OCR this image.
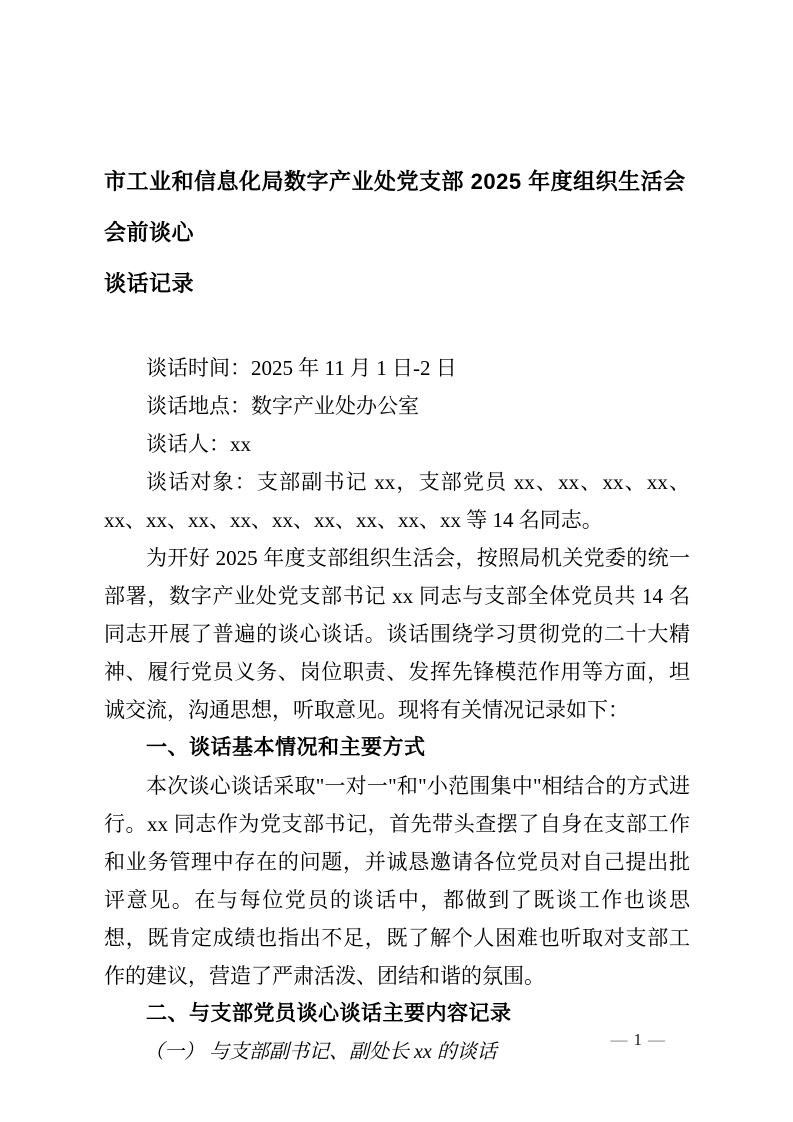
市工业和信息化局数字产业处党支部 2025 年度组织生活会会前谈心
谈话记录

谈话时间：2025 年 11 月 1 日-2 日

谈话地点：数字产业处办公室

谈话人：xx

谈话对象：支部副书记 xx，支部党员 xx、xx、xx、xx、xx、xx、xx、xx、xx、xx、xx、xx、xx 等 14 名同志。

为开好 2025 年度支部组织生活会，按照局机关党委的统一部署，数字产业处党支部书记 xx 同志与支部全体党员共 14 名同志开展了普遍的谈心谈话。谈话围绕学习贯彻党的二十大精神、履行党员义务、岗位职责、发挥先锋模范作用等方面，坦诚交流，沟通思想，听取意见。现将有关情况记录如下：

一、谈话基本情况和主要方式

本次谈心谈话采取"一对一"和"小范围集中"相结合的方式进行。xx 同志作为党支部书记，首先带头查摆了自身在支部工作和业务管理中存在的问题，并诚恳邀请各位党员对自己提出批评意见。在与每位党员的谈话中，都做到了既谈工作也谈思想，既肯定成绩也指出不足，既了解个人困难也听取对支部工作的建议，营造了严肃活泼、团结和谐的氛围。

二、与支部党员谈心谈话主要内容记录

（一） 与支部副书记、副处长 xx 的谈话

— 1 —
